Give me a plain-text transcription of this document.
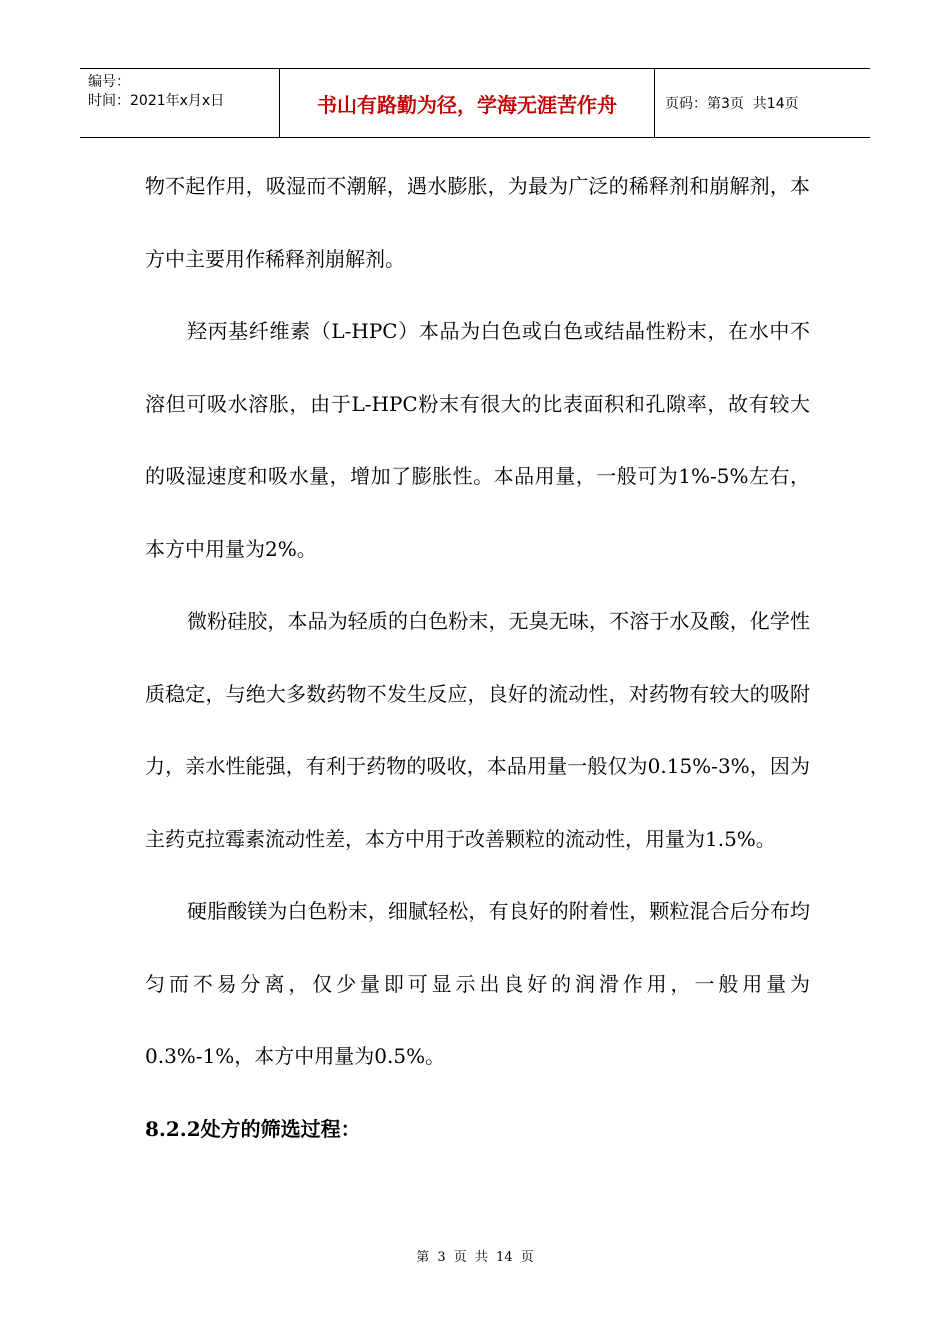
编号：
时间：2021年x月x日	书山有路勤为径，学海无涯苦作舟	页码：第3页  共14页

物不起作用，吸湿而不潮解，遇水膨胀，为最为广泛的稀释剂和崩解剂，本方中主要用作稀释剂崩解剂。

羟丙基纤维素（L-HPC）本品为白色或白色或结晶性粉末，在水中不溶但可吸水溶胀，由于L-HPC粉末有很大的比表面积和孔隙率，故有较大的吸湿速度和吸水量，增加了膨胀性。本品用量，一般可为1%-5%左右，本方中用量为2%。

微粉硅胶，本品为轻质的白色粉末，无臭无味，不溶于水及酸，化学性质稳定，与绝大多数药物不发生反应，良好的流动性，对药物有较大的吸附力，亲水性能强，有利于药物的吸收，本品用量一般仅为0.15%-3%，因为主药克拉霉素流动性差，本方中用于改善颗粒的流动性，用量为1.5%。

硬脂酸镁为白色粉末，细腻轻松，有良好的附着性，颗粒混合后分布均匀而不易分离，仅少量即可显示出良好的润滑作用，一般用量为0.3%-1%，本方中用量为0.5%。

8.2.2处方的筛选过程：

第 3 页 共 14 页
